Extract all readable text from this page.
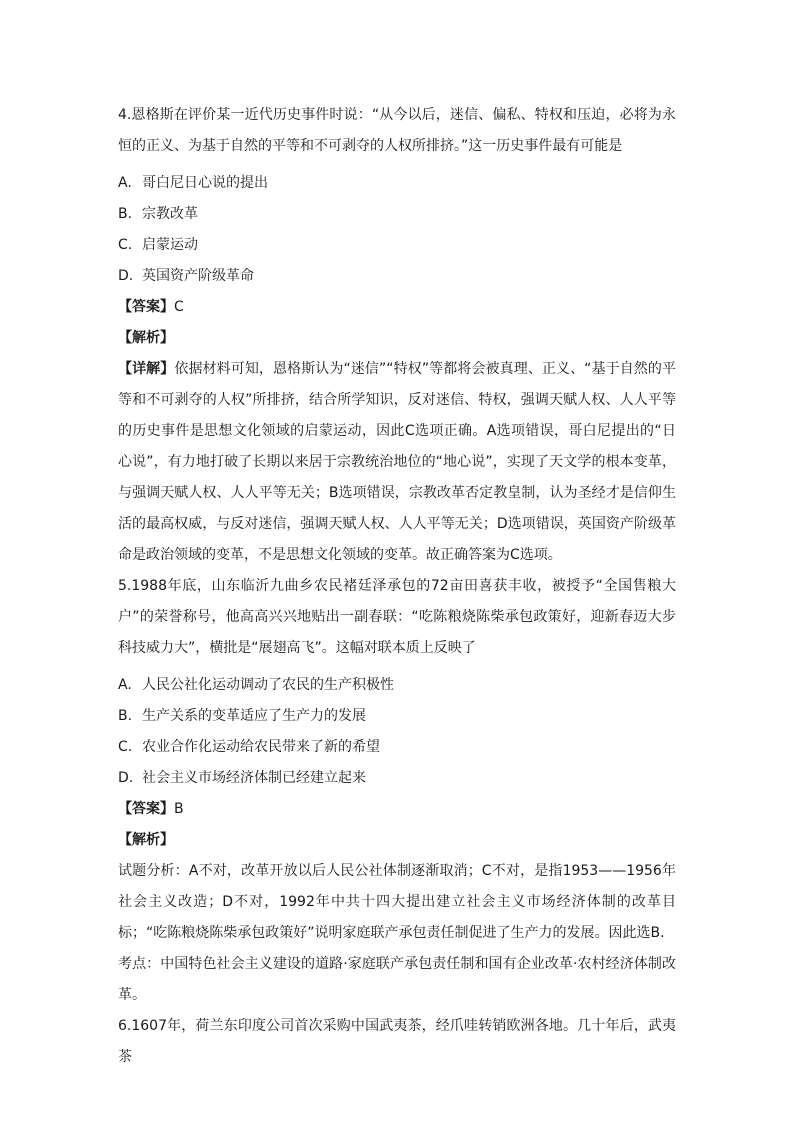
4.恩格斯在评价某一近代历史事件时说：“从今以后，迷信、偏私、特权和压迫，必将为永恒的正义、为基于自然的平等和不可剥夺的人权所排挤。”这一历史事件最有可能是

A. 哥白尼日心说的提出
B. 宗教改革
C. 启蒙运动
D. 英国资产阶级革命
【答案】C
【解析】

【详解】依据材料可知，恩格斯认为“迷信”“特权”等都将会被真理、正义、“基于自然的平等和不可剥夺的人权”所排挤，结合所学知识，反对迷信、特权，强调天赋人权、人人平等的历史事件是思想文化领域的启蒙运动，因此C选项正确。A选项错误，哥白尼提出的“日心说”，有力地打破了长期以来居于宗教统治地位的“地心说”，实现了天文学的根本变革，与强调天赋人权、人人平等无关；B选项错误，宗教改革否定教皇制，认为圣经才是信仰生活的最高权威，与反对迷信，强调天赋人权、人人平等无关；D选项错误，英国资产阶级革命是政治领域的变革，不是思想文化领域的变革。故正确答案为C选项。

5.1988年底，山东临沂九曲乡农民褚廷泽承包的72亩田喜获丰收，被授予“全国售粮大户”的荣誉称号，他高高兴兴地贴出一副春联：“吃陈粮烧陈柴承包政策好，迎新春迈大步科技威力大”，横批是“展翅高飞”。这幅对联本质上反映了

A. 人民公社化运动调动了农民的生产积极性
B. 生产关系的变革适应了生产力的发展
C. 农业合作化运动给农民带来了新的希望
D. 社会主义市场经济体制已经建立起来
【答案】B
【解析】

试题分析：A不对，改革开放以后人民公社体制逐渐取消；C不对，是指1953——1956年社会主义改造；D不对，1992年中共十四大提出建立社会主义市场经济体制的改革目标；“吃陈粮烧陈柴承包政策好”说明家庭联产承包责任制促进了生产力的发展。因此选B.

考点：中国特色社会主义建设的道路·家庭联产承包责任制和国有企业改革·农村经济体制改革。

6.1607年，荷兰东印度公司首次采购中国武夷茶，经爪哇转销欧洲各地。几十年后，武夷茶
